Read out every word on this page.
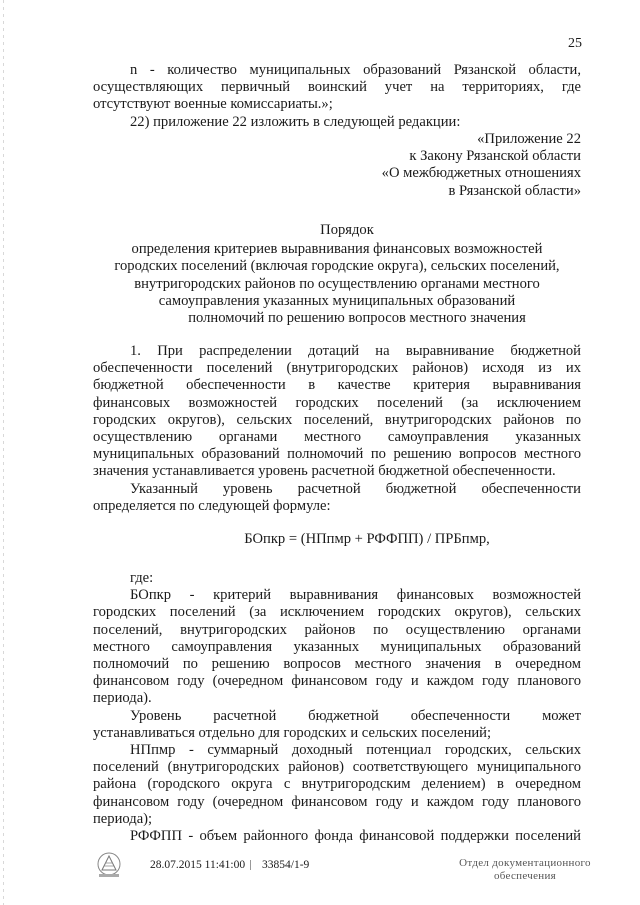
25

n - количество муниципальных образований Рязанской области,

осуществляющих первичный воинский учет на территориях, где

отсутствуют военные комиссариаты.»;

22) приложение 22 изложить в следующей редакции:

«Приложение 22

к Закону Рязанской области

«О межбюджетных отношениях

в Рязанской области»

Порядок

определения критериев выравнивания финансовых возможностей

городских поселений (включая городские округа), сельских поселений,

внутригородских районов по осуществлению органами местного

самоуправления указанных муниципальных образований

полномочий по решению вопросов местного значения

1. При распределении дотаций на выравнивание бюджетной

обеспеченности поселений (внутригородских районов) исходя из их

бюджетной обеспеченности в качестве критерия выравнивания

финансовых возможностей городских поселений (за исключением

городских округов), сельских поселений, внутригородских районов по

осуществлению органами местного самоуправления указанных

муниципальных образований полномочий по решению вопросов местного

значения устанавливается уровень расчетной бюджетной обеспеченности.

Указанный уровень расчетной бюджетной обеспеченности

определяется по следующей формуле:

БОпкр = (НПпмр + РФФПП) / ПРБпмр,

где:

БОпкр - критерий выравнивания финансовых возможностей

городских поселений (за исключением городских округов), сельских

поселений, внутригородских районов по осуществлению органами

местного самоуправления указанных муниципальных образований

полномочий по решению вопросов местного значения в очередном

финансовом году (очередном финансовом году и каждом году планового

периода).

Уровень расчетной бюджетной обеспеченности может

устанавливаться отдельно для городских и сельских поселений;

НПпмр - суммарный доходный потенциал городских, сельских

поселений (внутригородских районов) соответствующего муниципального

района (городского округа с внутригородским делением) в очередном

финансовом году (очередном финансовом году и каждом году планового

периода);

РФФПП - объем районного фонда финансовой поддержки поселений

28.07.2015 11:41:00 33854/1-9	Отдел документационного
обеспечения
